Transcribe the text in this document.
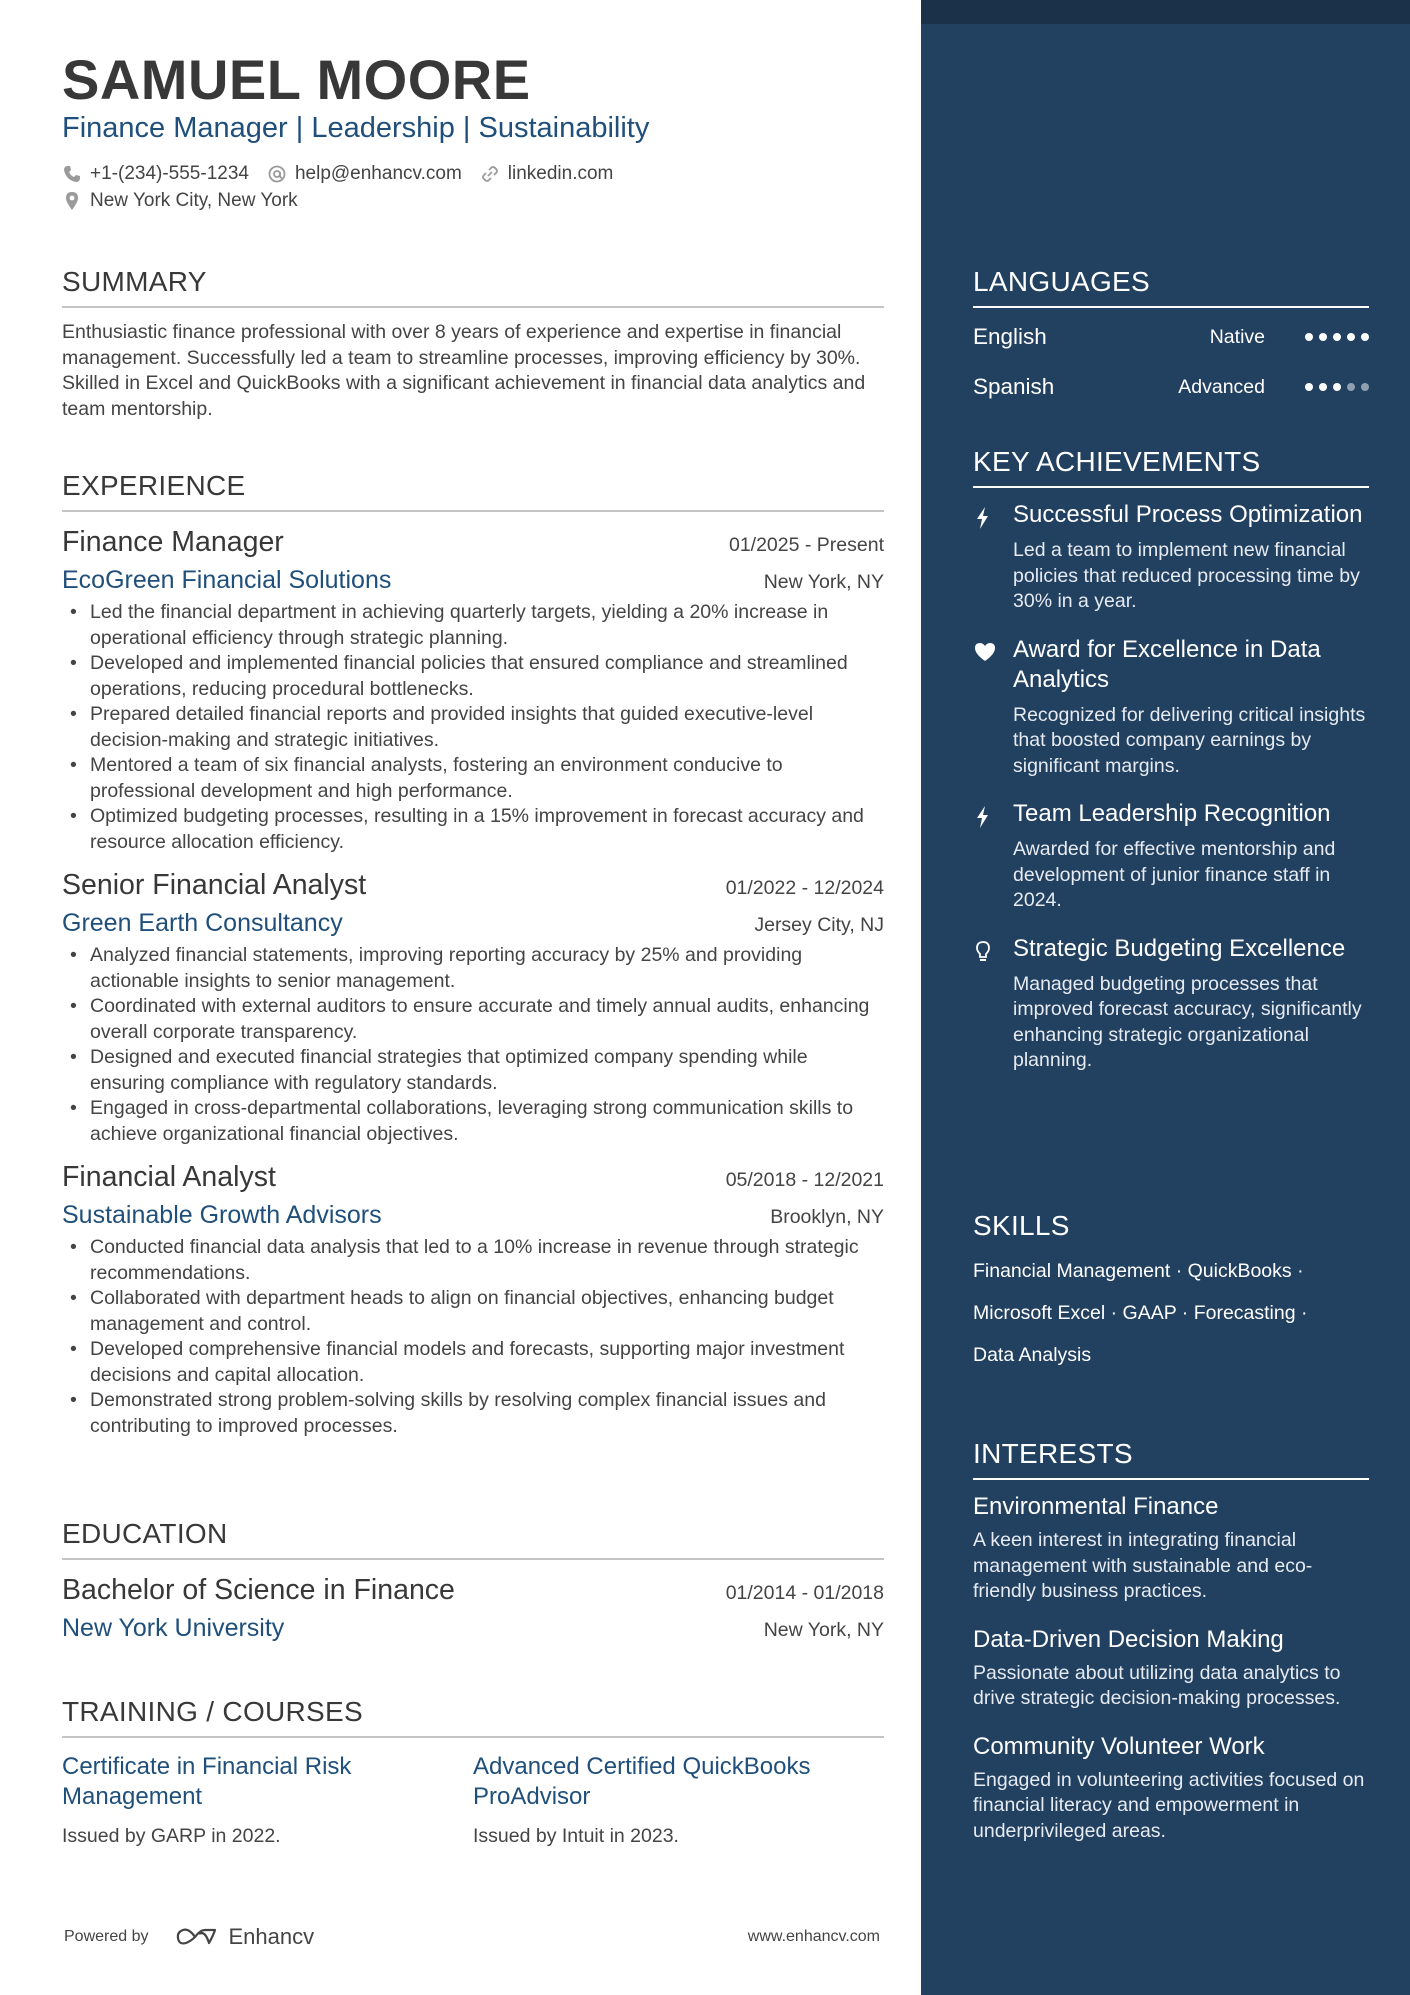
SAMUEL MOORE
Finance Manager | Leadership | Sustainability
+1-(234)-555-1234 help@enhancv.com linkedin.com
New York City, New York
SUMMARY
Enthusiastic finance professional with over 8 years of experience and expertise in financial management. Successfully led a team to streamline processes, improving efficiency by 30%. Skilled in Excel and QuickBooks with a significant achievement in financial data analytics and team mentorship.
EXPERIENCE
Finance Manager	01/2025 - Present
EcoGreen Financial Solutions	New York, NY
• Led the financial department in achieving quarterly targets, yielding a 20% increase in operational efficiency through strategic planning.
• Developed and implemented financial policies that ensured compliance and streamlined operations, reducing procedural bottlenecks.
• Prepared detailed financial reports and provided insights that guided executive-level decision-making and strategic initiatives.
• Mentored a team of six financial analysts, fostering an environment conducive to professional development and high performance.
• Optimized budgeting processes, resulting in a 15% improvement in forecast accuracy and resource allocation efficiency.
Senior Financial Analyst	01/2022 - 12/2024
Green Earth Consultancy	Jersey City, NJ
• Analyzed financial statements, improving reporting accuracy by 25% and providing actionable insights to senior management.
• Coordinated with external auditors to ensure accurate and timely annual audits, enhancing overall corporate transparency.
• Designed and executed financial strategies that optimized company spending while ensuring compliance with regulatory standards.
• Engaged in cross-departmental collaborations, leveraging strong communication skills to achieve organizational financial objectives.
Financial Analyst	05/2018 - 12/2021
Sustainable Growth Advisors	Brooklyn, NY
• Conducted financial data analysis that led to a 10% increase in revenue through strategic recommendations.
• Collaborated with department heads to align on financial objectives, enhancing budget management and control.
• Developed comprehensive financial models and forecasts, supporting major investment decisions and capital allocation.
• Demonstrated strong problem-solving skills by resolving complex financial issues and contributing to improved processes.
EDUCATION
Bachelor of Science in Finance	01/2014 - 01/2018
New York University	New York, NY
TRAINING / COURSES
Certificate in Financial Risk Management
Issued by GARP in 2022.
Advanced Certified QuickBooks ProAdvisor
Issued by Intuit in 2023.
Powered by	Enhancv	www.enhancv.com
LANGUAGES
English	Native
Spanish	Advanced
KEY ACHIEVEMENTS
Successful Process Optimization
Led a team to implement new financial policies that reduced processing time by 30% in a year.
Award for Excellence in Data Analytics
Recognized for delivering critical insights that boosted company earnings by significant margins.
Team Leadership Recognition
Awarded for effective mentorship and development of junior finance staff in 2024.
Strategic Budgeting Excellence
Managed budgeting processes that improved forecast accuracy, significantly enhancing strategic organizational planning.
SKILLS
Financial Management · QuickBooks ·
Microsoft Excel · GAAP · Forecasting ·
Data Analysis
INTERESTS
Environmental Finance
A keen interest in integrating financial management with sustainable and eco-friendly business practices.
Data-Driven Decision Making
Passionate about utilizing data analytics to drive strategic decision-making processes.
Community Volunteer Work
Engaged in volunteering activities focused on financial literacy and empowerment in underprivileged areas.
